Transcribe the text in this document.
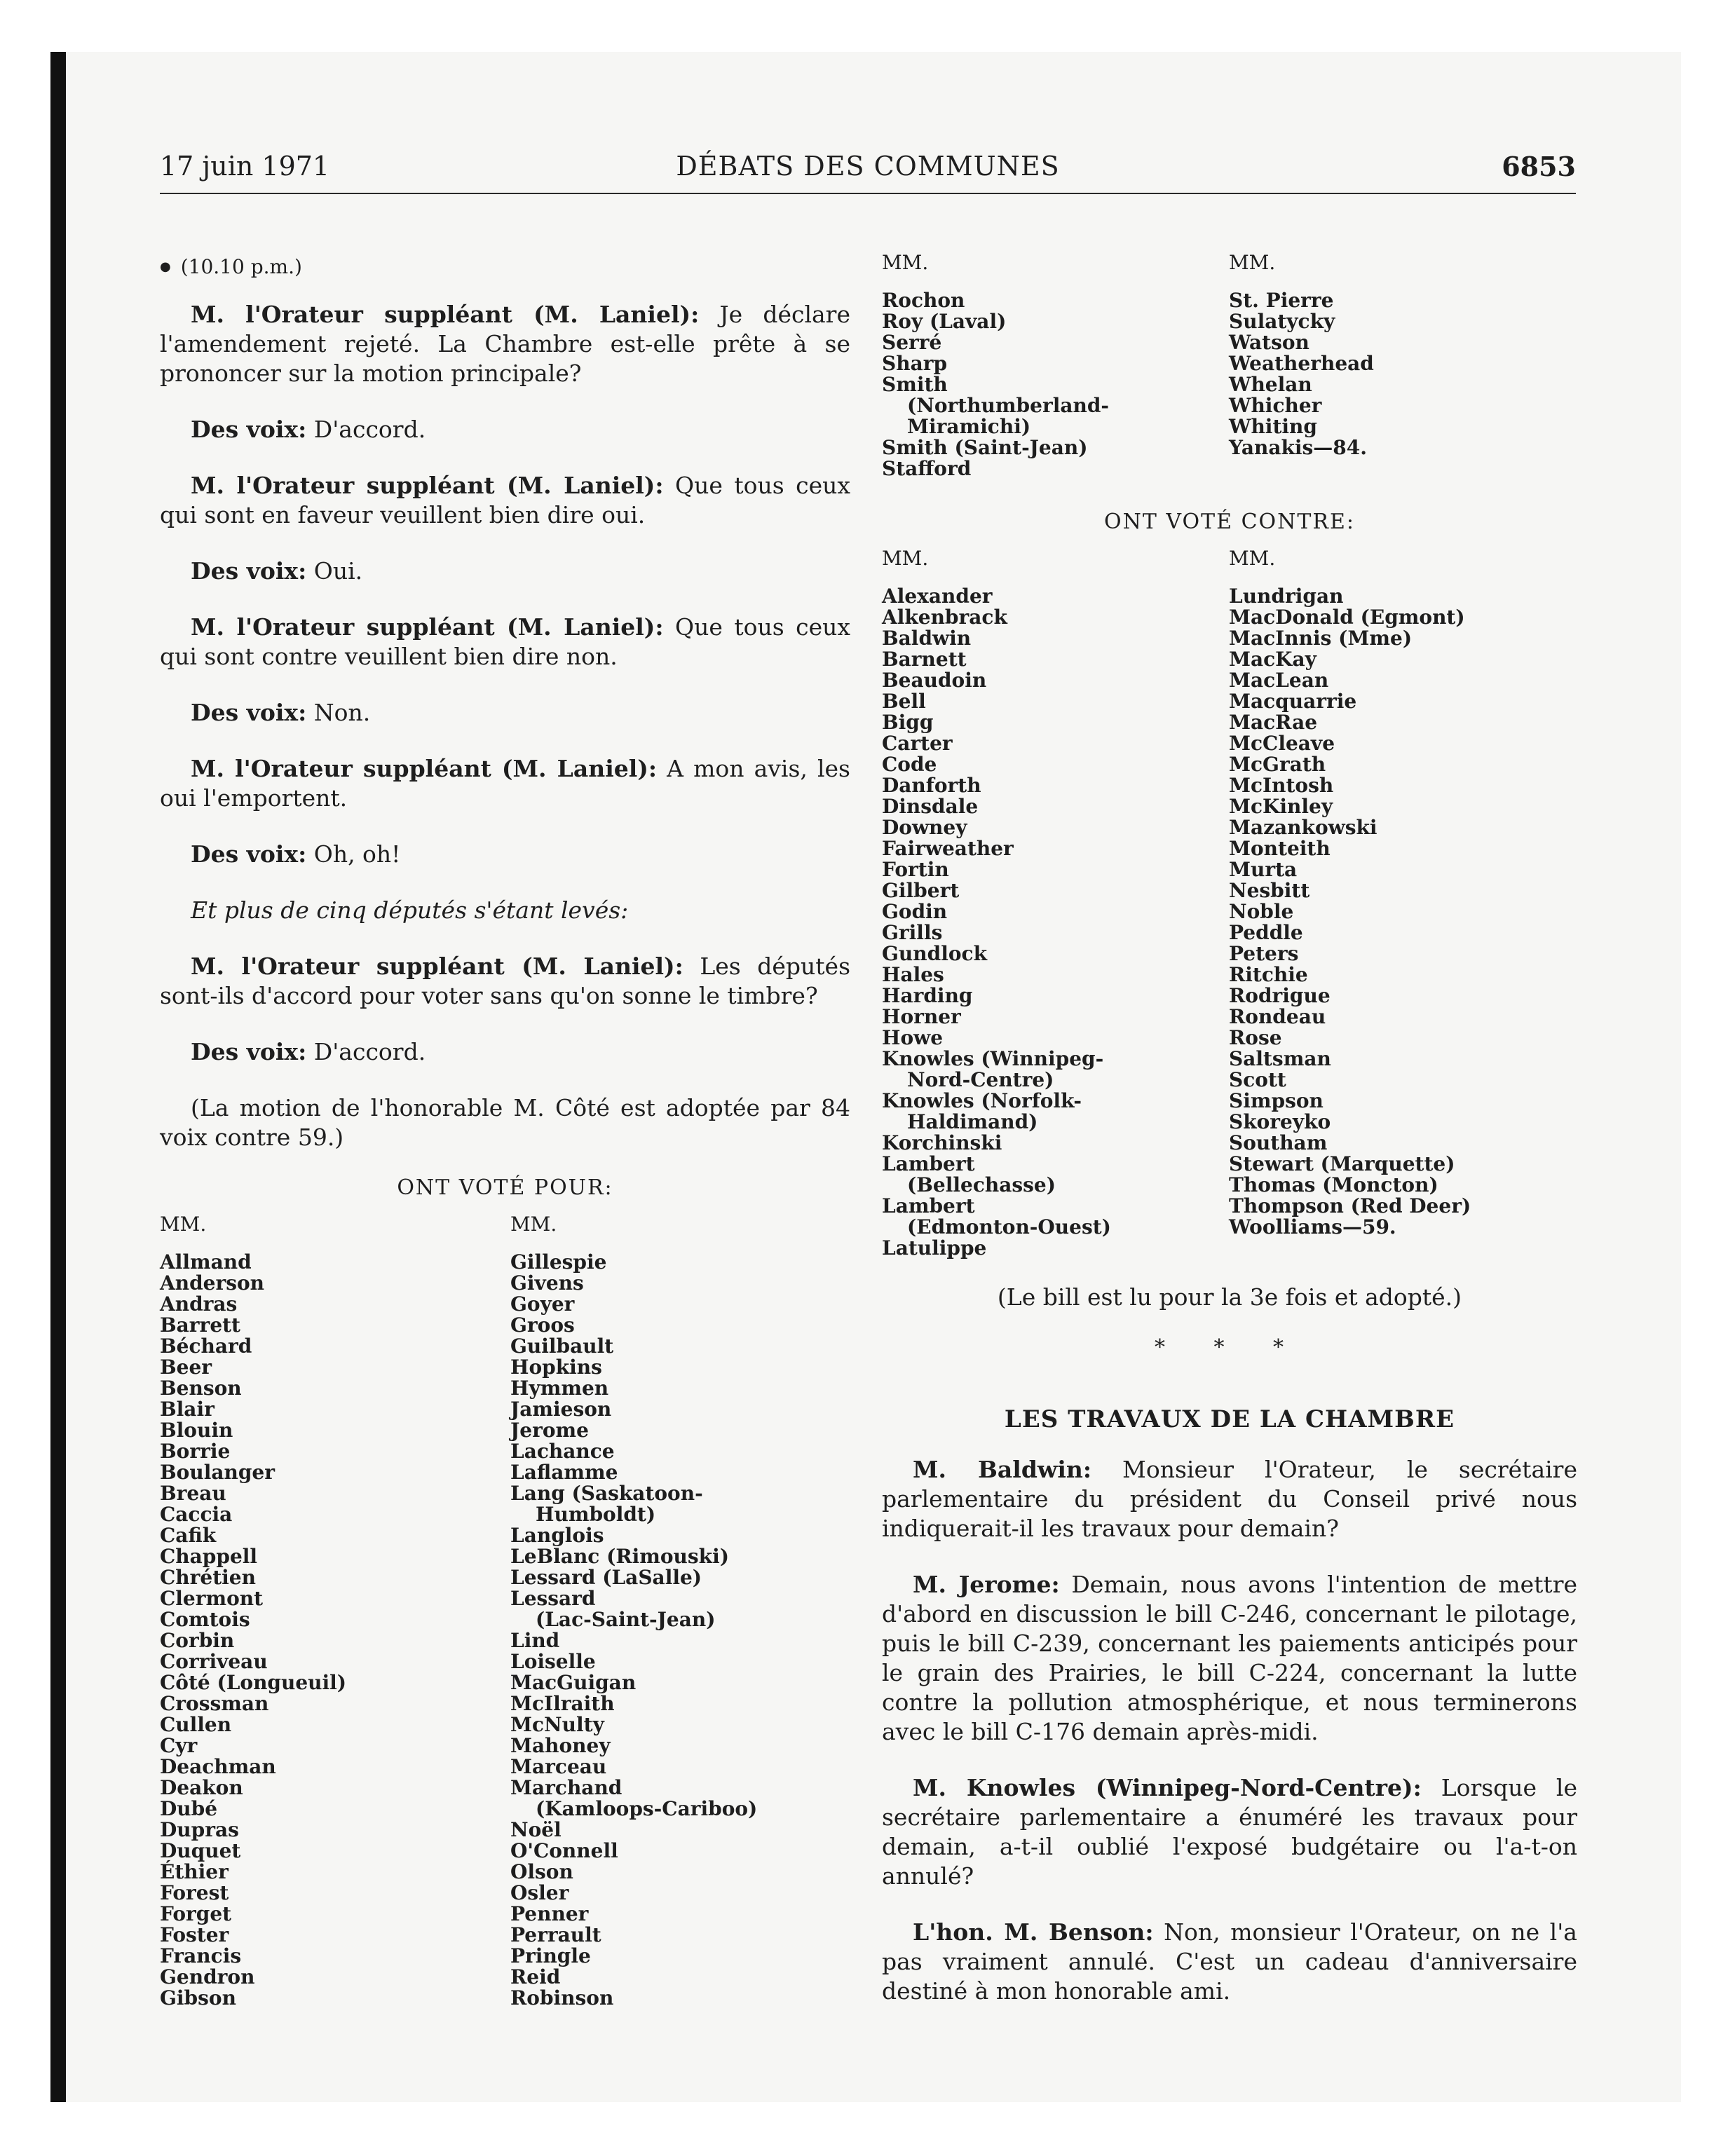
17 juin 1971	DÉBATS DES COMMUNES	6853
● (10.10 p.m.)

M. l'Orateur suppléant (M. Laniel): Je déclare l'amendement rejeté. La Chambre est-elle prête à se prononcer sur la motion principale?

Des voix: D'accord.

M. l'Orateur suppléant (M. Laniel): Que tous ceux qui sont en faveur veuillent bien dire oui.

Des voix: Oui.

M. l'Orateur suppléant (M. Laniel): Que tous ceux qui sont contre veuillent bien dire non.

Des voix: Non.

M. l'Orateur suppléant (M. Laniel): A mon avis, les oui l'emportent.

Des voix: Oh, oh!

Et plus de cinq députés s'étant levés:

M. l'Orateur suppléant (M. Laniel): Les députés sont-ils d'accord pour voter sans qu'on sonne le timbre?

Des voix: D'accord.

(La motion de l'honorable M. Côté est adoptée par 84 voix contre 59.)

ONT VOTÉ POUR:
MM.
Allmand
Anderson
Andras
Barrett
Béchard
Beer
Benson
Blair
Blouin
Borrie
Boulanger
Breau
Caccia
Cafik
Chappell
Chrétien
Clermont
Comtois
Corbin
Corriveau
Côté (Longueuil)
Crossman
Cullen
Cyr
Deachman
Deakon
Dubé
Dupras
Duquet
Éthier
Forest
Forget
Foster
Francis
Gendron
Gibson
MM.
Gillespie
Givens
Goyer
Groos
Guilbault
Hopkins
Hymmen
Jamieson
Jerome
Lachance
Laflamme
Lang (Saskatoon-
Humboldt)
Langlois
LeBlanc (Rimouski)
Lessard (LaSalle)
Lessard
(Lac-Saint-Jean)
Lind
Loiselle
MacGuigan
McIlraith
McNulty
Mahoney
Marceau
Marchand
(Kamloops-Cariboo)
Noël
O'Connell
Olson
Osler
Penner
Perrault
Pringle
Reid
Robinson
MM.
Rochon
Roy (Laval)
Serré
Sharp
Smith
(Northumberland-
Miramichi)
Smith (Saint-Jean)
Stafford
MM.
St. Pierre
Sulatycky
Watson
Weatherhead
Whelan
Whicher
Whiting
Yanakis—84.
ONT VOTÉ CONTRE:
MM.
Alexander
Alkenbrack
Baldwin
Barnett
Beaudoin
Bell
Bigg
Carter
Code
Danforth
Dinsdale
Downey
Fairweather
Fortin
Gilbert
Godin
Grills
Gundlock
Hales
Harding
Horner
Howe
Knowles (Winnipeg-
Nord-Centre)
Knowles (Norfolk-
Haldimand)
Korchinski
Lambert
(Bellechasse)
Lambert
(Edmonton-Ouest)
Latulippe
MM.
Lundrigan
MacDonald (Egmont)
MacInnis (Mme)
MacKay
MacLean
Macquarrie
MacRae
McCleave
McGrath
McIntosh
McKinley
Mazankowski
Monteith
Murta
Nesbitt
Noble
Peddle
Peters
Ritchie
Rodrigue
Rondeau
Rose
Saltsman
Scott
Simpson
Skoreyko
Southam
Stewart (Marquette)
Thomas (Moncton)
Thompson (Red Deer)
Woolliams—59.

(Le bill est lu pour la 3e fois et adopté.)

* * *
LES TRAVAUX DE LA CHAMBRE

M. Baldwin: Monsieur l'Orateur, le secrétaire parlementaire du président du Conseil privé nous indiquerait-il les travaux pour demain?

M. Jerome: Demain, nous avons l'intention de mettre d'abord en discussion le bill C-246, concernant le pilotage, puis le bill C-239, concernant les paiements anticipés pour le grain des Prairies, le bill C-224, concernant la lutte contre la pollution atmosphérique, et nous terminerons avec le bill C-176 demain après-midi.

M. Knowles (Winnipeg-Nord-Centre): Lorsque le secrétaire parlementaire a énuméré les travaux pour demain, a-t-il oublié l'exposé budgétaire ou l'a-t-on annulé?

L'hon. M. Benson: Non, monsieur l'Orateur, on ne l'a pas vraiment annulé. C'est un cadeau d'anniversaire destiné à mon honorable ami.
